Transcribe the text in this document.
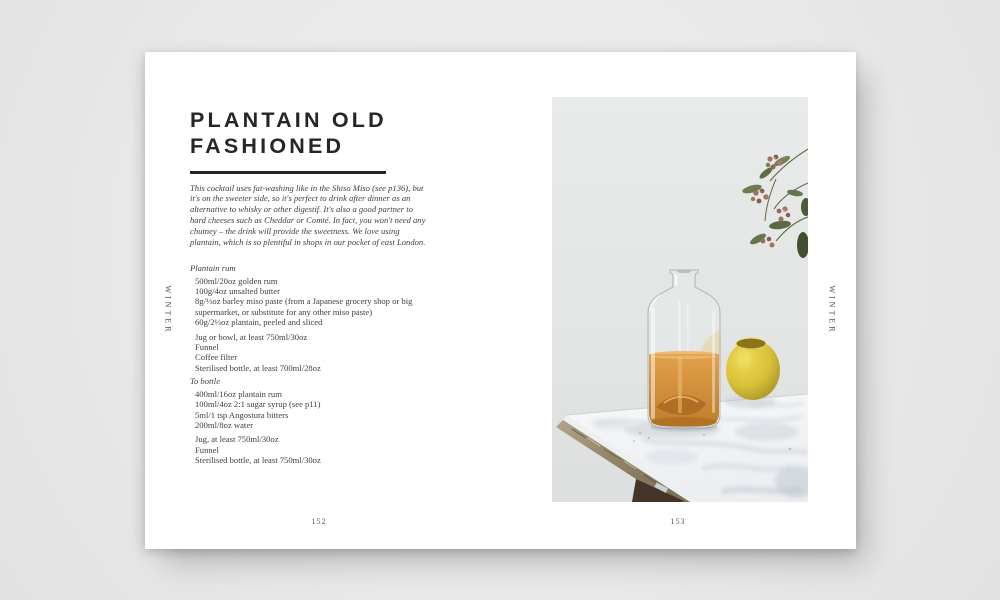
WINTER
PLANTAIN OLD
FASHIONED

This cocktail uses fat-washing like in the Shiso Miso (see p136), but it's on the sweeter side, so it's perfect to drink after dinner as an alternative to whisky or other digestif. It's also a good partner to hard cheeses such as Cheddar or Comté. In fact, you won't need any chutney – the drink will provide the sweetness. We love using plantain, which is so plentiful in shops in our pocket of east London.

Plantain rum
500ml/20oz golden rum
100g/4oz unsalted butter
8g/⅓oz barley miso paste (from a Japanese grocery shop or big supermarket, or substitute for any other miso paste)
60g/2⅓oz plantain, peeled and sliced
Jug or bowl, at least 750ml/30oz
Funnel
Coffee filter
Sterilised bottle, at least 700ml/28oz
To bottle
400ml/16oz plantain rum
100ml/4oz 2:1 sugar syrup (see p11)
5ml/1 tsp Angostura bitters
200ml/8oz water
Jug, at least 750ml/30oz
Funnel
Sterilised bottle, at least 750ml/30oz
152
WINTER
153
